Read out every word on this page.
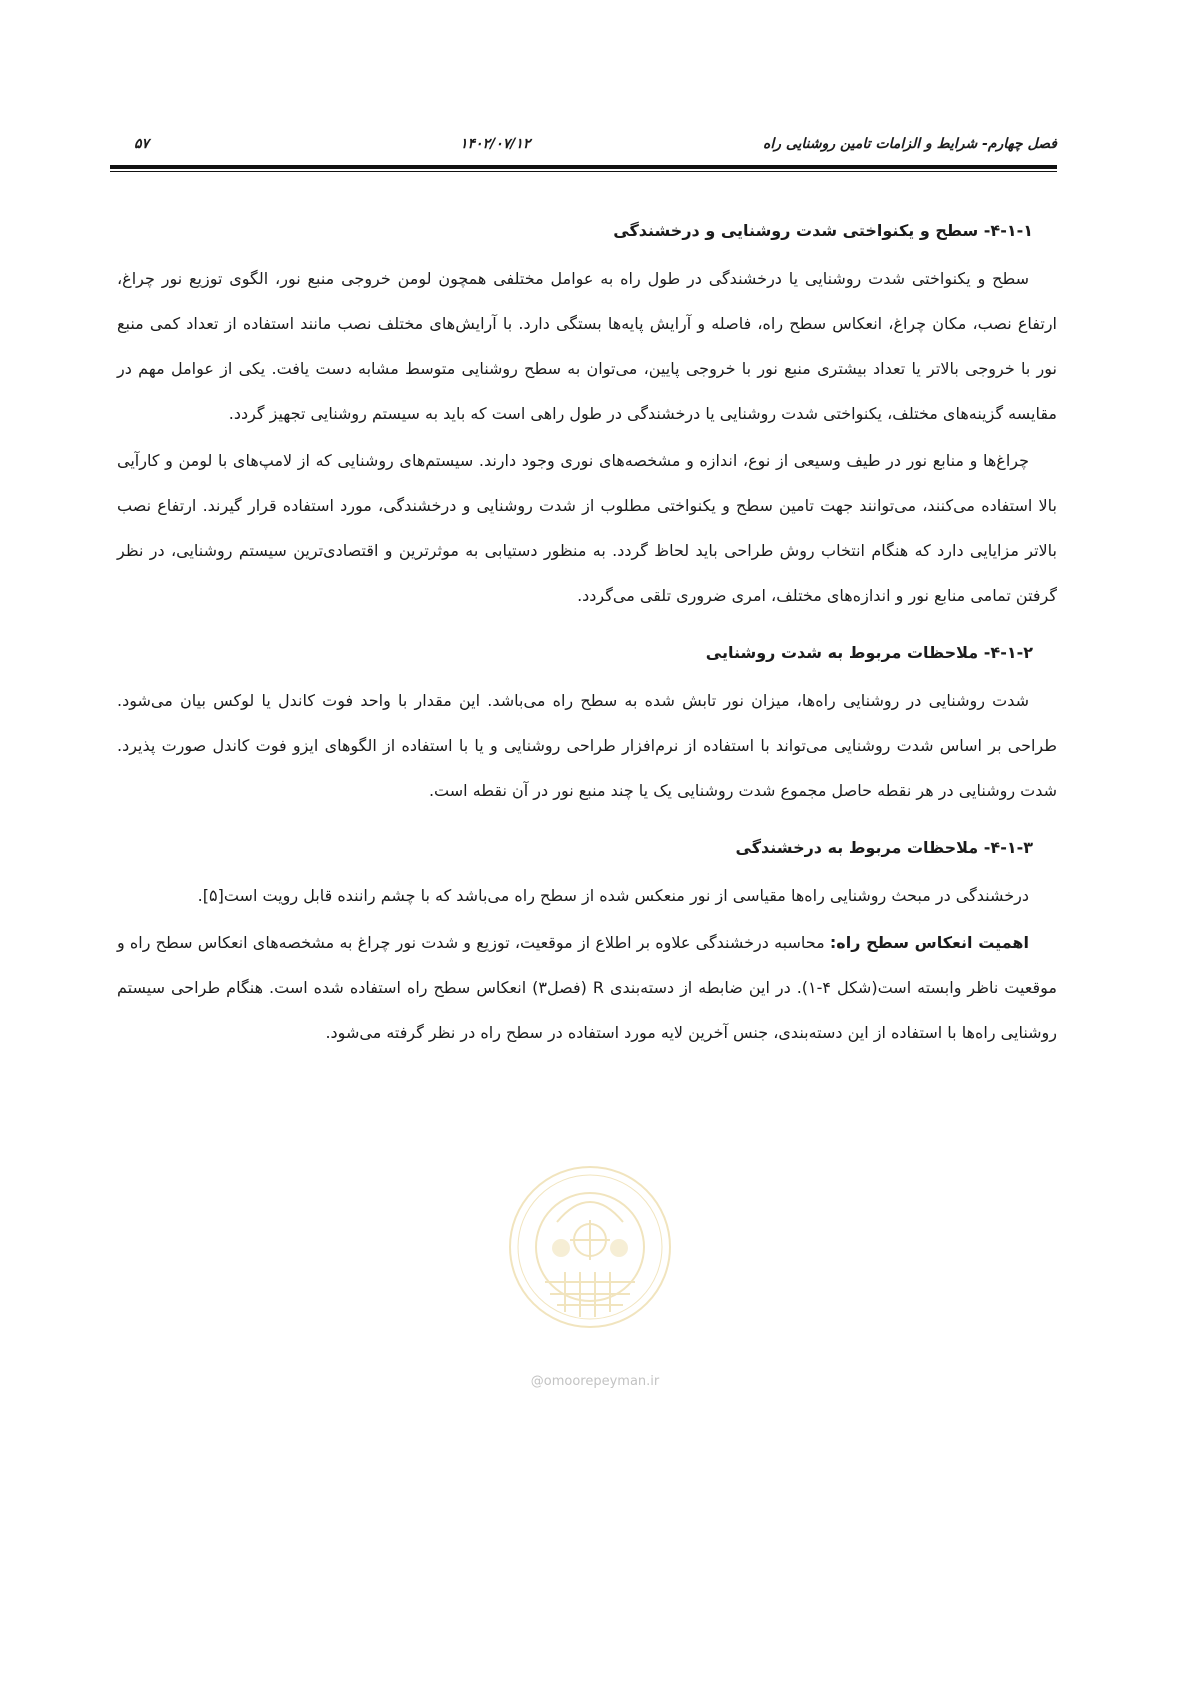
فصل چهارم- شرایط و الزامات تامین روشنایی راه
۱۴۰۲/۰۷/۱۲
۵۷
۴-۱-۱- سطح و یکنواختی شدت روشنایی و درخشندگی

سطح و یکنواختی شدت روشنایی یا درخشندگی در طول راه به عوامل مختلفی همچون لومن خروجی منبع نور، الگوی توزیع نور چراغ، ارتفاع نصب، مکان چراغ، انعکاس سطح راه، فاصله و آرایش پایه‌ها بستگی دارد. با آرایش‌های مختلف نصب مانند استفاده از تعداد کمی منبع نور با خروجی بالاتر یا تعداد بیشتری منبع نور با خروجی پایین، می‌توان به سطح روشنایی متوسط مشابه دست یافت. یکی از عوامل مهم در مقایسه گزینه‌های مختلف، یکنواختی شدت روشنایی یا درخشندگی در طول راهی است که باید به سیستم روشنایی تجهیز گردد.

چراغ‌ها و منابع نور در طیف وسیعی از نوع، اندازه و مشخصه‌های نوری وجود دارند. سیستم‌های روشنایی که از لامپ‌های با لومن و کارآیی بالا استفاده می‌کنند، می‌توانند جهت تامین سطح و یکنواختی مطلوب از شدت روشنایی و درخشندگی، مورد استفاده قرار گیرند. ارتفاع نصب بالاتر مزایایی دارد که هنگام انتخاب روش طراحی باید لحاظ گردد. به منظور دستیابی به موثرترین و اقتصادی‌ترین سیستم روشنایی، در نظر گرفتن تمامی منابع نور و اندازه‌های مختلف، امری ضروری تلقی می‌گردد.

۴-۱-۲- ملاحظات مربوط به شدت روشنایی

شدت روشنایی در روشنایی راه‌ها، میزان نور تابش شده به سطح راه می‌باشد. این مقدار با واحد فوت کاندل یا لوکس بیان می‌شود. طراحی بر اساس شدت روشنایی می‌تواند با استفاده از نرم‌افزار طراحی روشنایی و یا با استفاده از الگوهای ایزو فوت کاندل صورت پذیرد. شدت روشنایی در هر نقطه حاصل مجموع شدت روشنایی یک یا چند منبع نور در آن نقطه است.

۴-۱-۳- ملاحظات مربوط به درخشندگی

درخشندگی در مبحث روشنایی راه‌ها مقیاسی از نور منعکس شده از سطح راه می‌باشد که با چشم راننده قابل رویت است[۵].

اهمیت انعکاس سطح راه: محاسبه درخشندگی علاوه بر اطلاع از موقعیت، توزیع و شدت نور چراغ به مشخصه‌های انعکاس سطح راه و موقعیت ناظر وابسته است(شکل ۴-۱). در این ضابطه از دسته‌بندی R (فصل۳) انعکاس سطح راه استفاده شده است. هنگام طراحی سیستم روشنایی راه‌ها با استفاده از این دسته‌بندی، جنس آخرین لایه مورد استفاده در سطح راه در نظر گرفته می‌شود.

@omoorepeyman.ir
